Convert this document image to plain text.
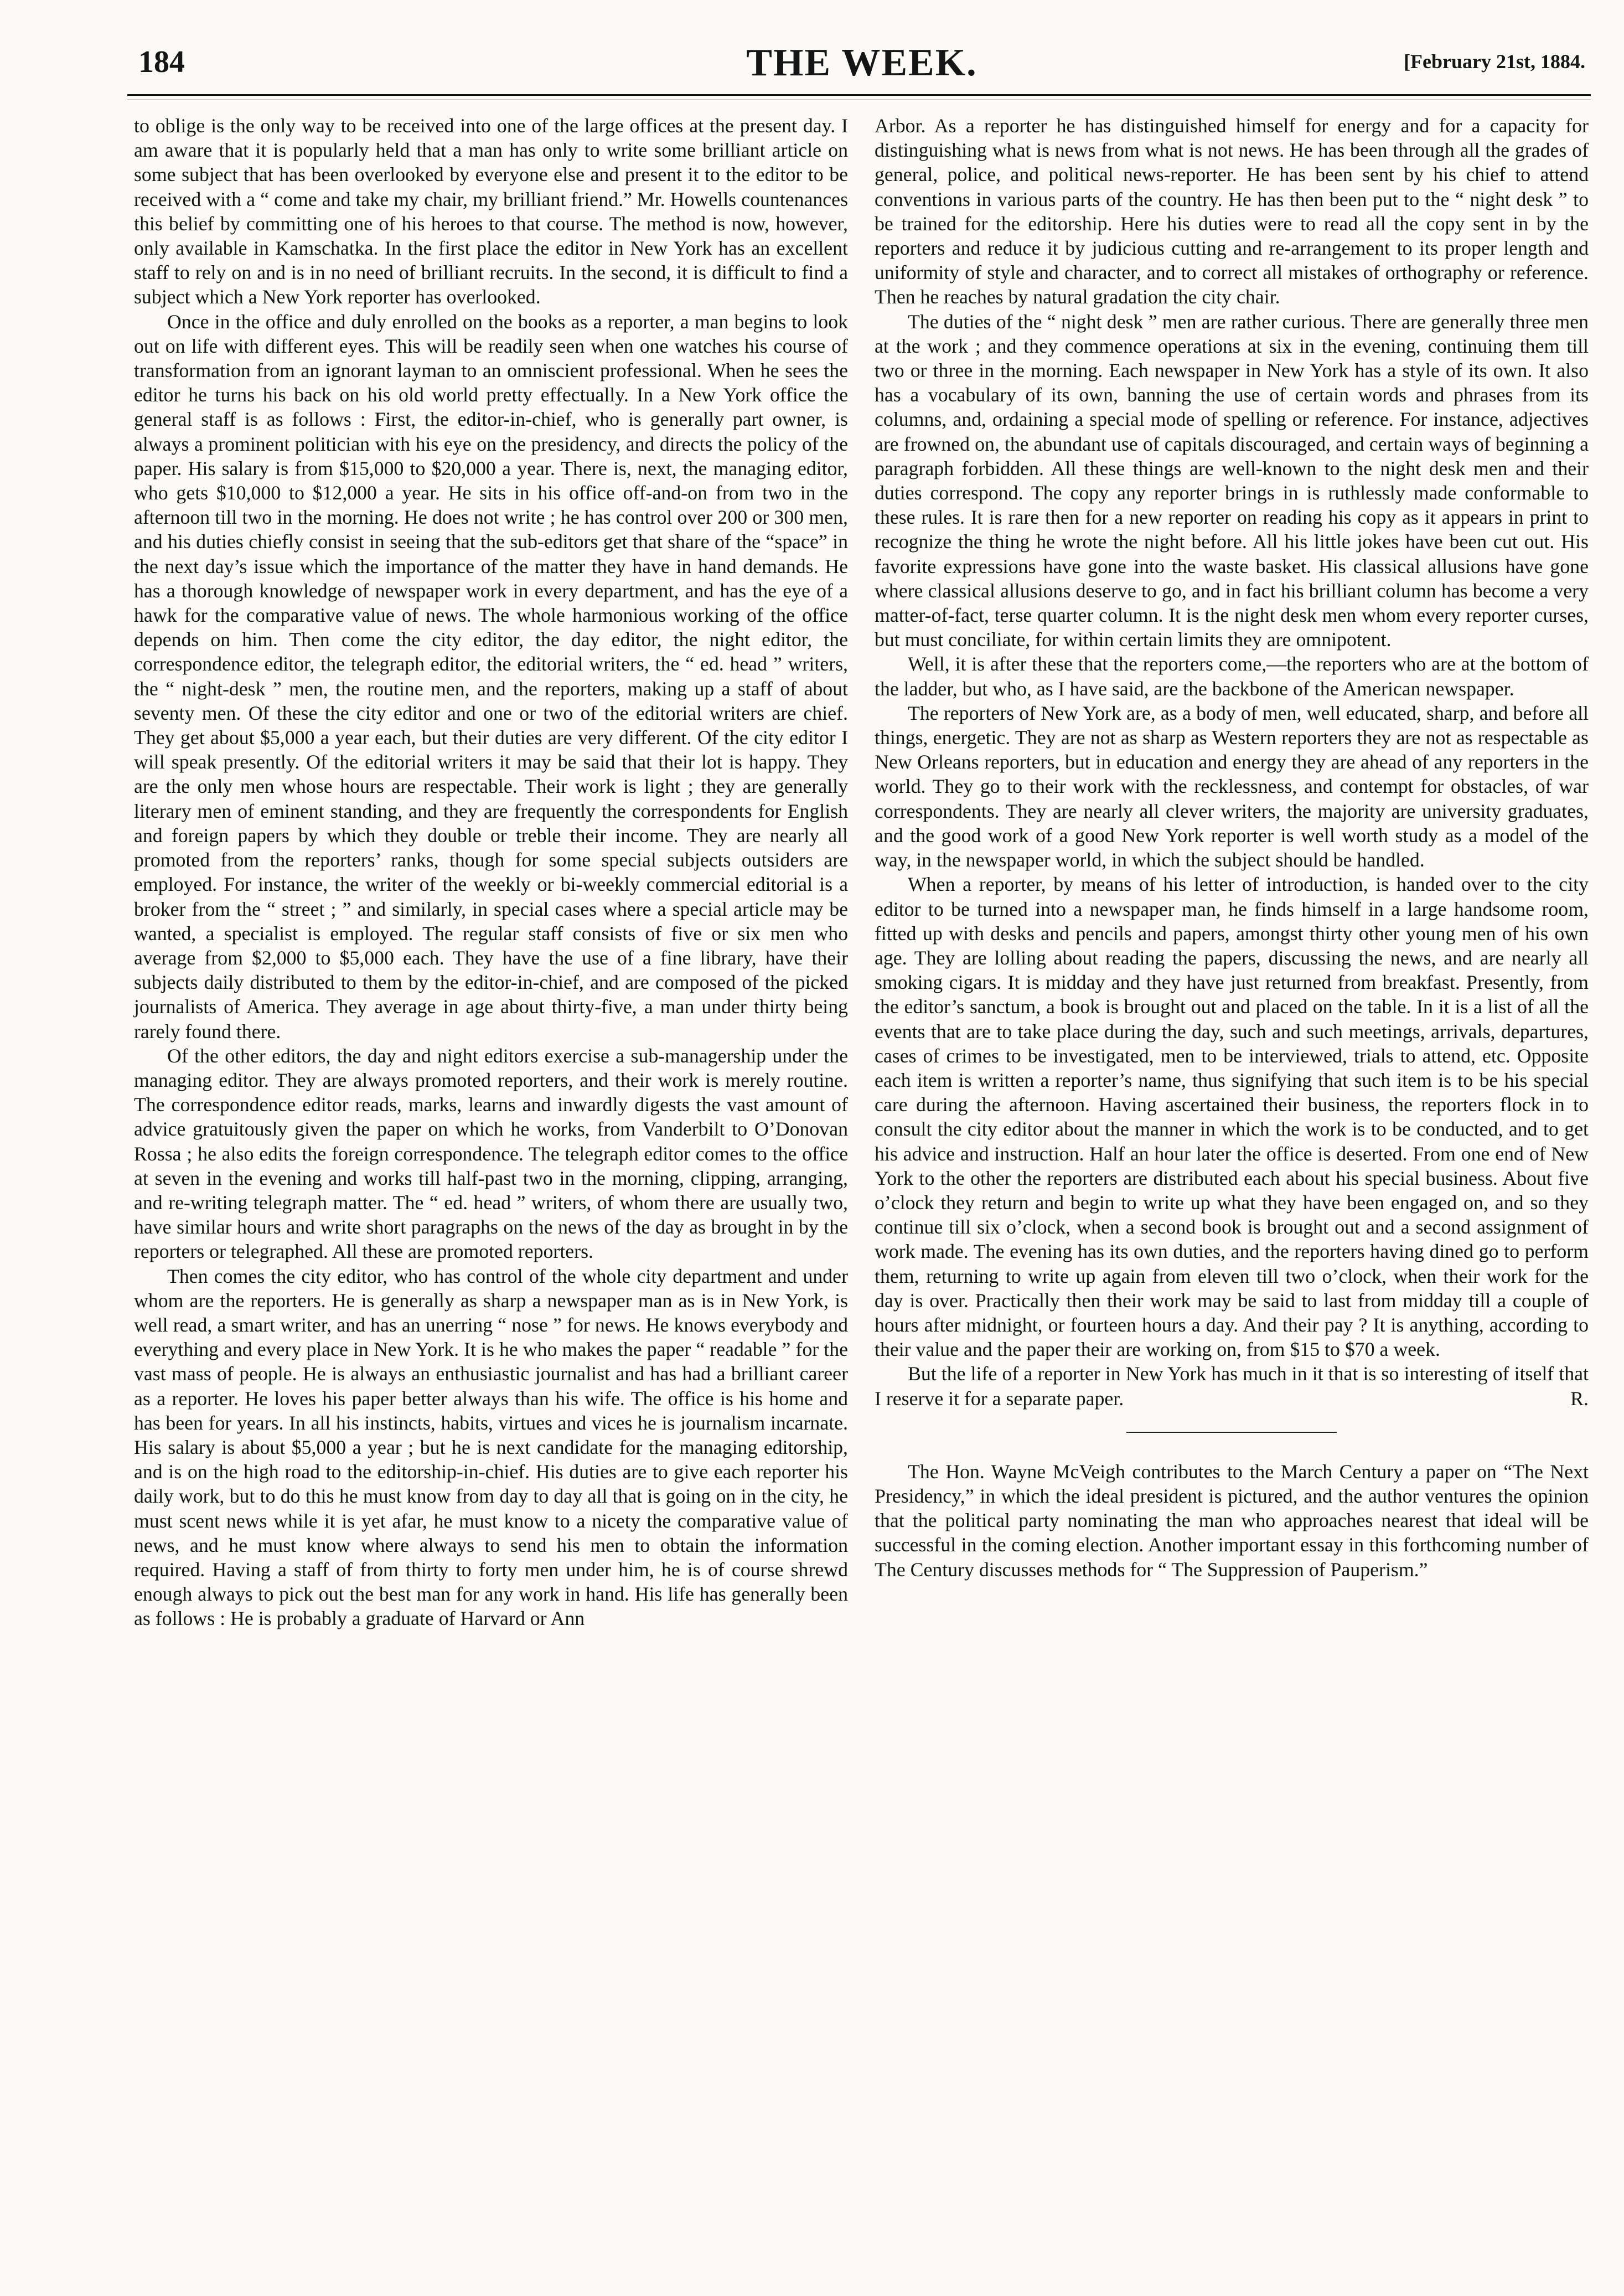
184	THE WEEK.	[February 21st, 1884.

to oblige is the only way to be received into one of the large offices at the present day. I am aware that it is popularly held that a man has only to write some brilliant article on some subject that has been overlooked by everyone else and present it to the editor to be received with a “ come and take my chair, my brilliant friend.” Mr. Howells countenances this belief by committing one of his heroes to that course. The method is now, however, only available in Kamschatka. In the first place the editor in New York has an excellent staff to rely on and is in no need of brilliant recruits. In the second, it is difficult to find a subject which a New York reporter has overlooked.

Once in the office and duly enrolled on the books as a reporter, a man begins to look out on life with different eyes. This will be readily seen when one watches his course of transformation from an ignorant layman to an omniscient professional. When he sees the editor he turns his back on his old world pretty effectually. In a New York office the general staff is as follows : First, the editor-in-chief, who is generally part owner, is always a prominent politician with his eye on the presidency, and directs the policy of the paper. His salary is from $15,000 to $20,000 a year. There is, next, the managing editor, who gets $10,000 to $12,000 a year. He sits in his office off-and-on from two in the afternoon till two in the morning. He does not write ; he has control over 200 or 300 men, and his duties chiefly consist in seeing that the sub-editors get that share of the “space” in the next day’s issue which the importance of the matter they have in hand demands. He has a thorough knowledge of newspaper work in every department, and has the eye of a hawk for the comparative value of news. The whole harmonious working of the office depends on him. Then come the city editor, the day editor, the night editor, the correspondence editor, the telegraph editor, the editorial writers, the “ ed. head ” writers, the “ night-desk ” men, the routine men, and the reporters, making up a staff of about seventy men. Of these the city editor and one or two of the editorial writers are chief. They get about $5,000 a year each, but their duties are very different. Of the city editor I will speak presently. Of the editorial writers it may be said that their lot is happy. They are the only men whose hours are respectable. Their work is light ; they are generally literary men of eminent standing, and they are frequently the correspondents for English and foreign papers by which they double or treble their income. They are nearly all promoted from the reporters’ ranks, though for some special subjects outsiders are employed. For instance, the writer of the weekly or bi-weekly commercial editorial is a broker from the “ street ; ” and similarly, in special cases where a special article may be wanted, a specialist is employed. The regular staff consists of five or six men who average from $2,000 to $5,000 each. They have the use of a fine library, have their subjects daily distributed to them by the editor-in-chief, and are composed of the picked journalists of America. They average in age about thirty-five, a man under thirty being rarely found there.

Of the other editors, the day and night editors exercise a sub-managership under the managing editor. They are always promoted reporters, and their work is merely routine. The correspondence editor reads, marks, learns and inwardly digests the vast amount of advice gratuitously given the paper on which he works, from Vanderbilt to O’Donovan Rossa ; he also edits the foreign correspondence. The telegraph editor comes to the office at seven in the evening and works till half-past two in the morning, clipping, arranging, and re-writing telegraph matter. The “ ed. head ” writers, of whom there are usually two, have similar hours and write short paragraphs on the news of the day as brought in by the reporters or telegraphed. All these are promoted reporters.

Then comes the city editor, who has control of the whole city department and under whom are the reporters. He is generally as sharp a newspaper man as is in New York, is well read, a smart writer, and has an unerring “ nose ” for news. He knows everybody and everything and every place in New York. It is he who makes the paper “ readable ” for the vast mass of people. He is always an enthusiastic journalist and has had a brilliant career as a reporter. He loves his paper better always than his wife. The office is his home and has been for years. In all his instincts, habits, virtues and vices he is journalism incarnate. His salary is about $5,000 a year ; but he is next candidate for the managing editorship, and is on the high road to the editorship-in-chief. His duties are to give each reporter his daily work, but to do this he must know from day to day all that is going on in the city, he must scent news while it is yet afar, he must know to a nicety the comparative value of news, and he must know where always to send his men to obtain the information required. Having a staff of from thirty to forty men under him, he is of course shrewd enough always to pick out the best man for any work in hand. His life has generally been as follows : He is probably a graduate of Harvard or Ann

Arbor. As a reporter he has distinguished himself for energy and for a capacity for distinguishing what is news from what is not news. He has been through all the grades of general, police, and political news-reporter. He has been sent by his chief to attend conventions in various parts of the country. He has then been put to the “ night desk ” to be trained for the editorship. Here his duties were to read all the copy sent in by the reporters and reduce it by judicious cutting and re-arrangement to its proper length and uniformity of style and character, and to correct all mistakes of orthography or reference. Then he reaches by natural gradation the city chair.

The duties of the “ night desk ” men are rather curious. There are generally three men at the work ; and they commence operations at six in the evening, continuing them till two or three in the morning. Each newspaper in New York has a style of its own. It also has a vocabulary of its own, banning the use of certain words and phrases from its columns, and, ordaining a special mode of spelling or reference. For instance, adjectives are frowned on, the abundant use of capitals discouraged, and certain ways of beginning a paragraph forbidden. All these things are well-known to the night desk men and their duties correspond. The copy any reporter brings in is ruthlessly made conformable to these rules. It is rare then for a new reporter on reading his copy as it appears in print to recognize the thing he wrote the night before. All his little jokes have been cut out. His favorite expressions have gone into the waste basket. His classical allusions have gone where classical allusions deserve to go, and in fact his brilliant column has become a very matter-of-fact, terse quarter column. It is the night desk men whom every reporter curses, but must conciliate, for within certain limits they are omnipotent.

Well, it is after these that the reporters come,—the reporters who are at the bottom of the ladder, but who, as I have said, are the backbone of the American newspaper.

The reporters of New York are, as a body of men, well educated, sharp, and before all things, energetic. They are not as sharp as Western reporters they are not as respectable as New Orleans reporters, but in education and energy they are ahead of any reporters in the world. They go to their work with the recklessness, and contempt for obstacles, of war correspondents. They are nearly all clever writers, the majority are university graduates, and the good work of a good New York reporter is well worth study as a model of the way, in the newspaper world, in which the subject should be handled.

When a reporter, by means of his letter of introduction, is handed over to the city editor to be turned into a newspaper man, he finds himself in a large handsome room, fitted up with desks and pencils and papers, amongst thirty other young men of his own age. They are lolling about reading the papers, discussing the news, and are nearly all smoking cigars. It is midday and they have just returned from breakfast. Presently, from the editor’s sanctum, a book is brought out and placed on the table. In it is a list of all the events that are to take place during the day, such and such meetings, arrivals, departures, cases of crimes to be investigated, men to be interviewed, trials to attend, etc. Opposite each item is written a reporter’s name, thus signifying that such item is to be his special care during the afternoon. Having ascertained their business, the reporters flock in to consult the city editor about the manner in which the work is to be conducted, and to get his advice and instruction. Half an hour later the office is deserted. From one end of New York to the other the reporters are distributed each about his special business. About five o’clock they return and begin to write up what they have been engaged on, and so they continue till six o’clock, when a second book is brought out and a second assignment of work made. The evening has its own duties, and the reporters having dined go to perform them, returning to write up again from eleven till two o’clock, when their work for the day is over. Practically then their work may be said to last from midday till a couple of hours after midnight, or fourteen hours a day. And their pay ? It is anything, according to their value and the paper their are working on, from $15 to $70 a week.

But the life of a reporter in New York has much in it that is so interesting of itself that I reserve it for a separate paper.	R.

The Hon. Wayne McVeigh contributes to the March Century a paper on “The Next Presidency,” in which the ideal president is pictured, and the author ventures the opinion that the political party nominating the man who approaches nearest that ideal will be successful in the coming election. Another important essay in this forthcoming number of The Century discusses methods for “ The Suppression of Pauperism.”
